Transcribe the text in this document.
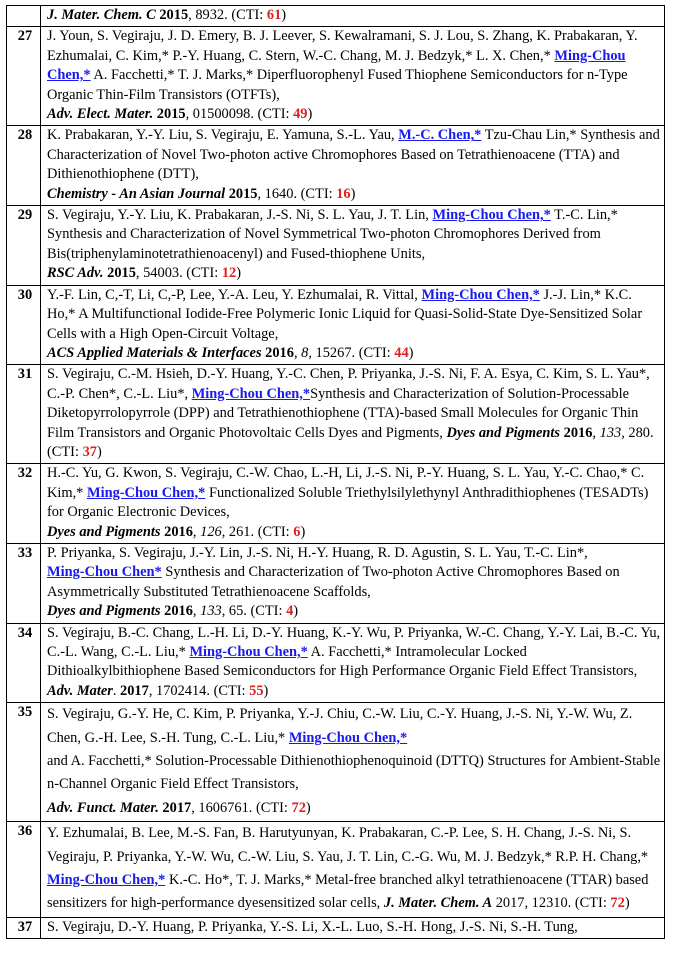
	J. Mater. Chem. C 2015, 8932. (CTI: 61)
27	J. Youn, S. Vegiraju, J. D. Emery, B. J. Leever, S. Kewalramani, S. J. Lou, S. Zhang, K. Prabakaran, Y. Ezhumalai, C. Kim,* P.-Y. Huang, C. Stern, W.-C. Chang, M. J. Bedzyk,* L. X. Chen,* Ming-Chou Chen,* A. Facchetti,* T. J. Marks,* Diperfluorophenyl Fused Thiophene Semiconductors for n-Type Organic Thin-Film Transistors (OTFTs),
Adv. Elect. Mater. 2015, 01500098. (CTI: 49)
28	K. Prabakaran, Y.-Y. Liu, S. Vegiraju, E. Yamuna, S.-L. Yau, M.-C. Chen,* Tzu-Chau Lin,* Synthesis and Characterization of Novel Two-photon active Chromophores Based on Tetrathienoacene (TTA) and Dithienothiophene (DTT),
Chemistry - An Asian Journal 2015, 1640. (CTI: 16)
29	S. Vegiraju, Y.-Y. Liu, K. Prabakaran, J.-S. Ni, S. L. Yau, J. T. Lin, Ming-Chou Chen,* T.-C. Lin,* Synthesis and Characterization of Novel Symmetrical Two-photon Chromophores Derived from Bis(triphenylaminotetrathienoacenyl) and Fused-thiophene Units,
RSC Adv. 2015, 54003. (CTI: 12)
30	Y.-F. Lin, C,-T, Li, C,-P, Lee, Y.-A. Leu, Y. Ezhumalai, R. Vittal, Ming-Chou Chen,* J.-J. Lin,* K.C. Ho,* A Multifunctional Iodide-Free Polymeric Ionic Liquid for Quasi-Solid-State Dye-Sensitized Solar Cells with a High Open-Circuit Voltage,
ACS Applied Materials & Interfaces 2016, 8, 15267. (CTI: 44)
31	S. Vegiraju, C.-M. Hsieh, D.-Y. Huang, Y.-C. Chen, P. Priyanka, J.-S. Ni, F. A. Esya, C. Kim, S. L. Yau*, C.-P. Chen*, C.-L. Liu*, Ming-Chou Chen,*Synthesis and Characterization of Solution-Processable Diketopyrrolopyrrole (DPP) and Tetrathienothiophene (TTA)-based Small Molecules for Organic Thin Film Transistors and Organic Photovoltaic Cells Dyes and Pigments, Dyes and Pigments 2016, 133, 280. (CTI: 37)
32	H.-C. Yu, G. Kwon, S. Vegiraju, C.-W. Chao, L.-H, Li, J.-S. Ni, P.-Y. Huang, S. L. Yau, Y.-C. Chao,* C. Kim,* Ming-Chou Chen,* Functionalized Soluble Triethylsilylethynyl Anthradithiophenes (TESADTs) for Organic Electronic Devices,
Dyes and Pigments 2016, 126, 261. (CTI: 6)
33	P. Priyanka, S. Vegiraju, J.-Y. Lin, J.-S. Ni, H.-Y. Huang, R. D. Agustin, S. L. Yau, T.-C. Lin*,
Ming-Chou Chen* Synthesis and Characterization of Two-photon Active Chromophores Based on Asymmetrically Substituted Tetrathienoacene Scaffolds,
Dyes and Pigments 2016, 133, 65. (CTI: 4)
34	S. Vegiraju, B.-C. Chang, L.-H. Li, D.-Y. Huang, K.-Y. Wu, P. Priyanka, W.-C. Chang, Y.-Y. Lai, B.-C. Yu, C.-L. Wang, C.-L. Liu,* Ming-Chou Chen,* A. Facchetti,* Intramolecular Locked Dithioalkylbithiophene Based Semiconductors for High Performance Organic Field Effect Transistors, Adv. Mater. 2017, 1702414. (CTI: 55)
35	S. Vegiraju, G.-Y. He, C. Kim, P. Priyanka, Y.-J. Chiu, C.-W. Liu, C.-Y. Huang, J.-S. Ni, Y.-W. Wu, Z. Chen, G.-H. Lee, S.-H. Tung, C.-L. Liu,* Ming-Chou Chen,*
and A. Facchetti,* Solution-Processable Dithienothiophenoquinoid (DTTQ) Structures for Ambient-Stable n-Channel Organic Field Effect Transistors,
Adv. Funct. Mater. 2017, 1606761. (CTI: 72)
36	Y. Ezhumalai, B. Lee, M.-S. Fan, B. Harutyunyan, K. Prabakaran, C.-P. Lee, S. H. Chang, J.-S. Ni, S. Vegiraju, P. Priyanka, Y.-W. Wu, C.-W. Liu, S. Yau, J. T. Lin, C.-G. Wu, M. J. Bedzyk,* R.P. H. Chang,* Ming-Chou Chen,* K.-C. Ho*, T. J. Marks,* Metal-free branched alkyl tetrathienoacene (TTAR) based sensitizers for high-performance dyesensitized solar cells, J. Mater. Chem. A 2017, 12310. (CTI: 72)
37	S. Vegiraju, D.-Y. Huang, P. Priyanka, Y.-S. Li, X.-L. Luo, S.-H. Hong, J.-S. Ni, S.-H. Tung,
